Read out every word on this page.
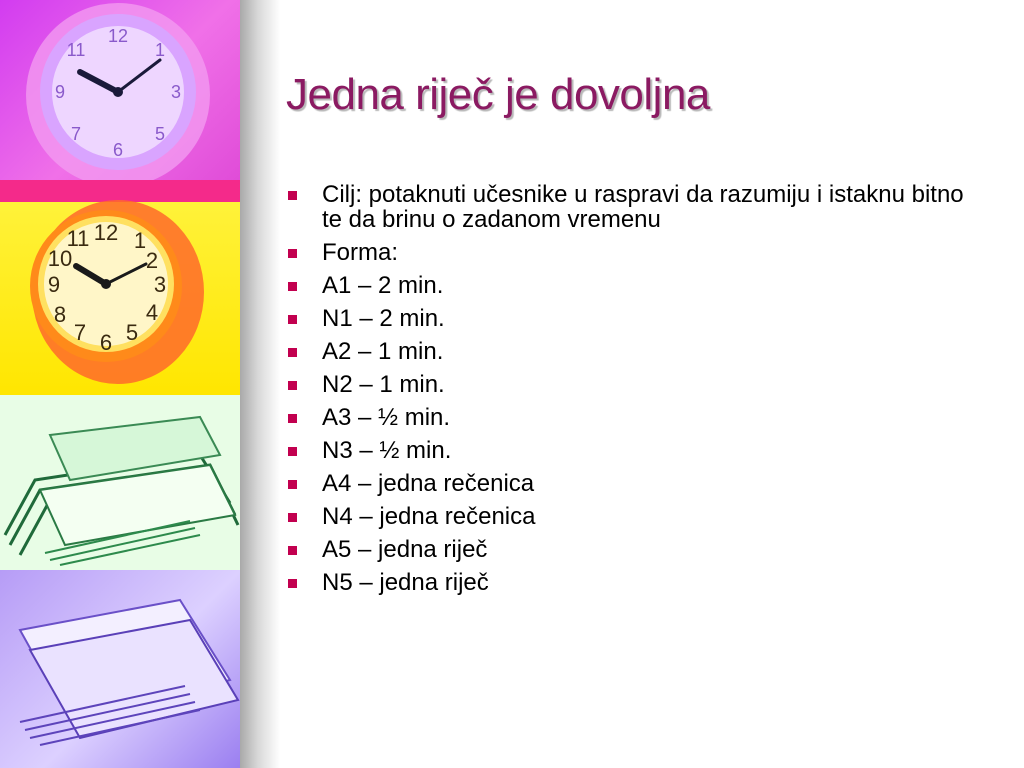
12
1
3
5
6
7
9
11
12 1
2
3
4
5
6
7
8
9
10
11
Jedna riječ je dovoljna
Cilj: potaknuti učesnike u raspravi da razumiju i istaknu bitno te da brinu o zadanom vremenu
Forma:
A1 – 2 min.
N1 – 2 min.
A2 – 1 min.
N2 – 1 min.
A3 – ½ min.
N3 – ½ min.
A4 – jedna rečenica
N4 – jedna rečenica
A5 – jedna riječ
N5 – jedna riječ
